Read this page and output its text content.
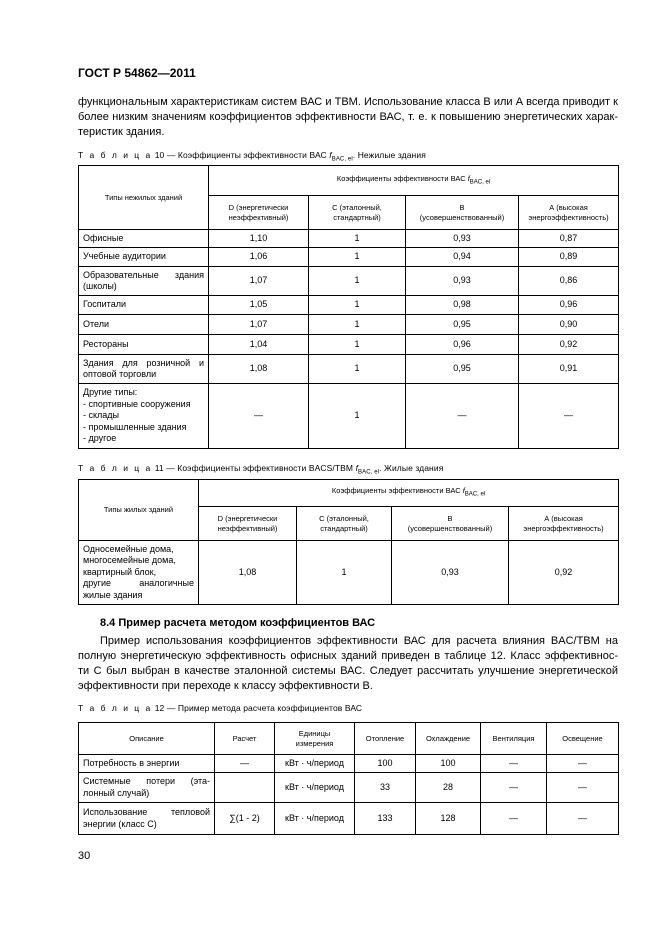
ГОСТ Р 54862—2011

функциональным характеристикам систем ВАС и ТВМ. Использование класса В или А всегда приводит к

более низким значениям коэффициентов эффективности ВАС, т. е. к повышению энергетических харак-

теристик здания.

Т а б л и ц а 10 — Коэффициенты эффективности ВАС $f_{BAC, el}$. Нежилые здания
Типы нежилых зданий	Коэффициенты эффективности ВАС $f_{BAC, el}$
	D (энергетически
неэффективный)	С (эталонный,
стандартный)	В
(усовершенствованный)	А (высокая
энергоэффективность)
Офисные	1,10	1	0,93	0,87
Учебные аудитории	1,06	1	0,94	0,89

Образовательные здания
(школы)	1,07	1	0,93	0,86
Госпитали	1,05	1	0,98	0,96
Отели	1,07	1	0,95	0,90
Рестораны	1,04	1	0,96	0,92

Здания для розничной и
оптовой торговли	1,08	1	0,95	0,91

Другие типы:
- спортивные сооружения
- склады
- промышленные здания
- другое	—	1	—	—
Т а б л и ц а 11 — Коэффициенты эффективности BACS/TBM $f_{BAC, el}$. Жилые здания
Типы жилых зданий	Коэффициенты эффективности ВАС $f_{BAC, el}$
	D (энергетически
неэффективный)	С (эталонный,
стандартный)	В
(усовершенствованный)	А (высокая
энергоэффективность)

Односемейные дома,
многосемейные дома,
квартирный блок,
другие аналогичные
жилые здания	1,08	1	0,93	0,92
8.4 Пример расчета методом коэффициентов ВАС

Пример использования коэффициентов эффективности ВАС для расчета влияния BAC/TBM на

полную энергетическую эффективность офисных зданий приведен в таблице 12. Класс эффективнос-

ти С был выбран в качестве эталонной системы ВАС. Следует рассчитать улучшение энергетической

эффективности при переходе к классу эффективности В.

Т а б л и ц а 12 — Пример метода расчета коэффициентов ВАС
Описание	Расчет	Единицы
измерения	Отопление	Охлаждение	Вентиляция	Освещение
Потребность в энергии	—	кВт · ч/период	100	100	—	—

Системные потери (эта-
лонный случай)		кВт · ч/период	33	28	—	—

Использование тепловой
энергии (класс С)	∑(1 - 2)	кВт · ч/период	133	128	—	—
30
